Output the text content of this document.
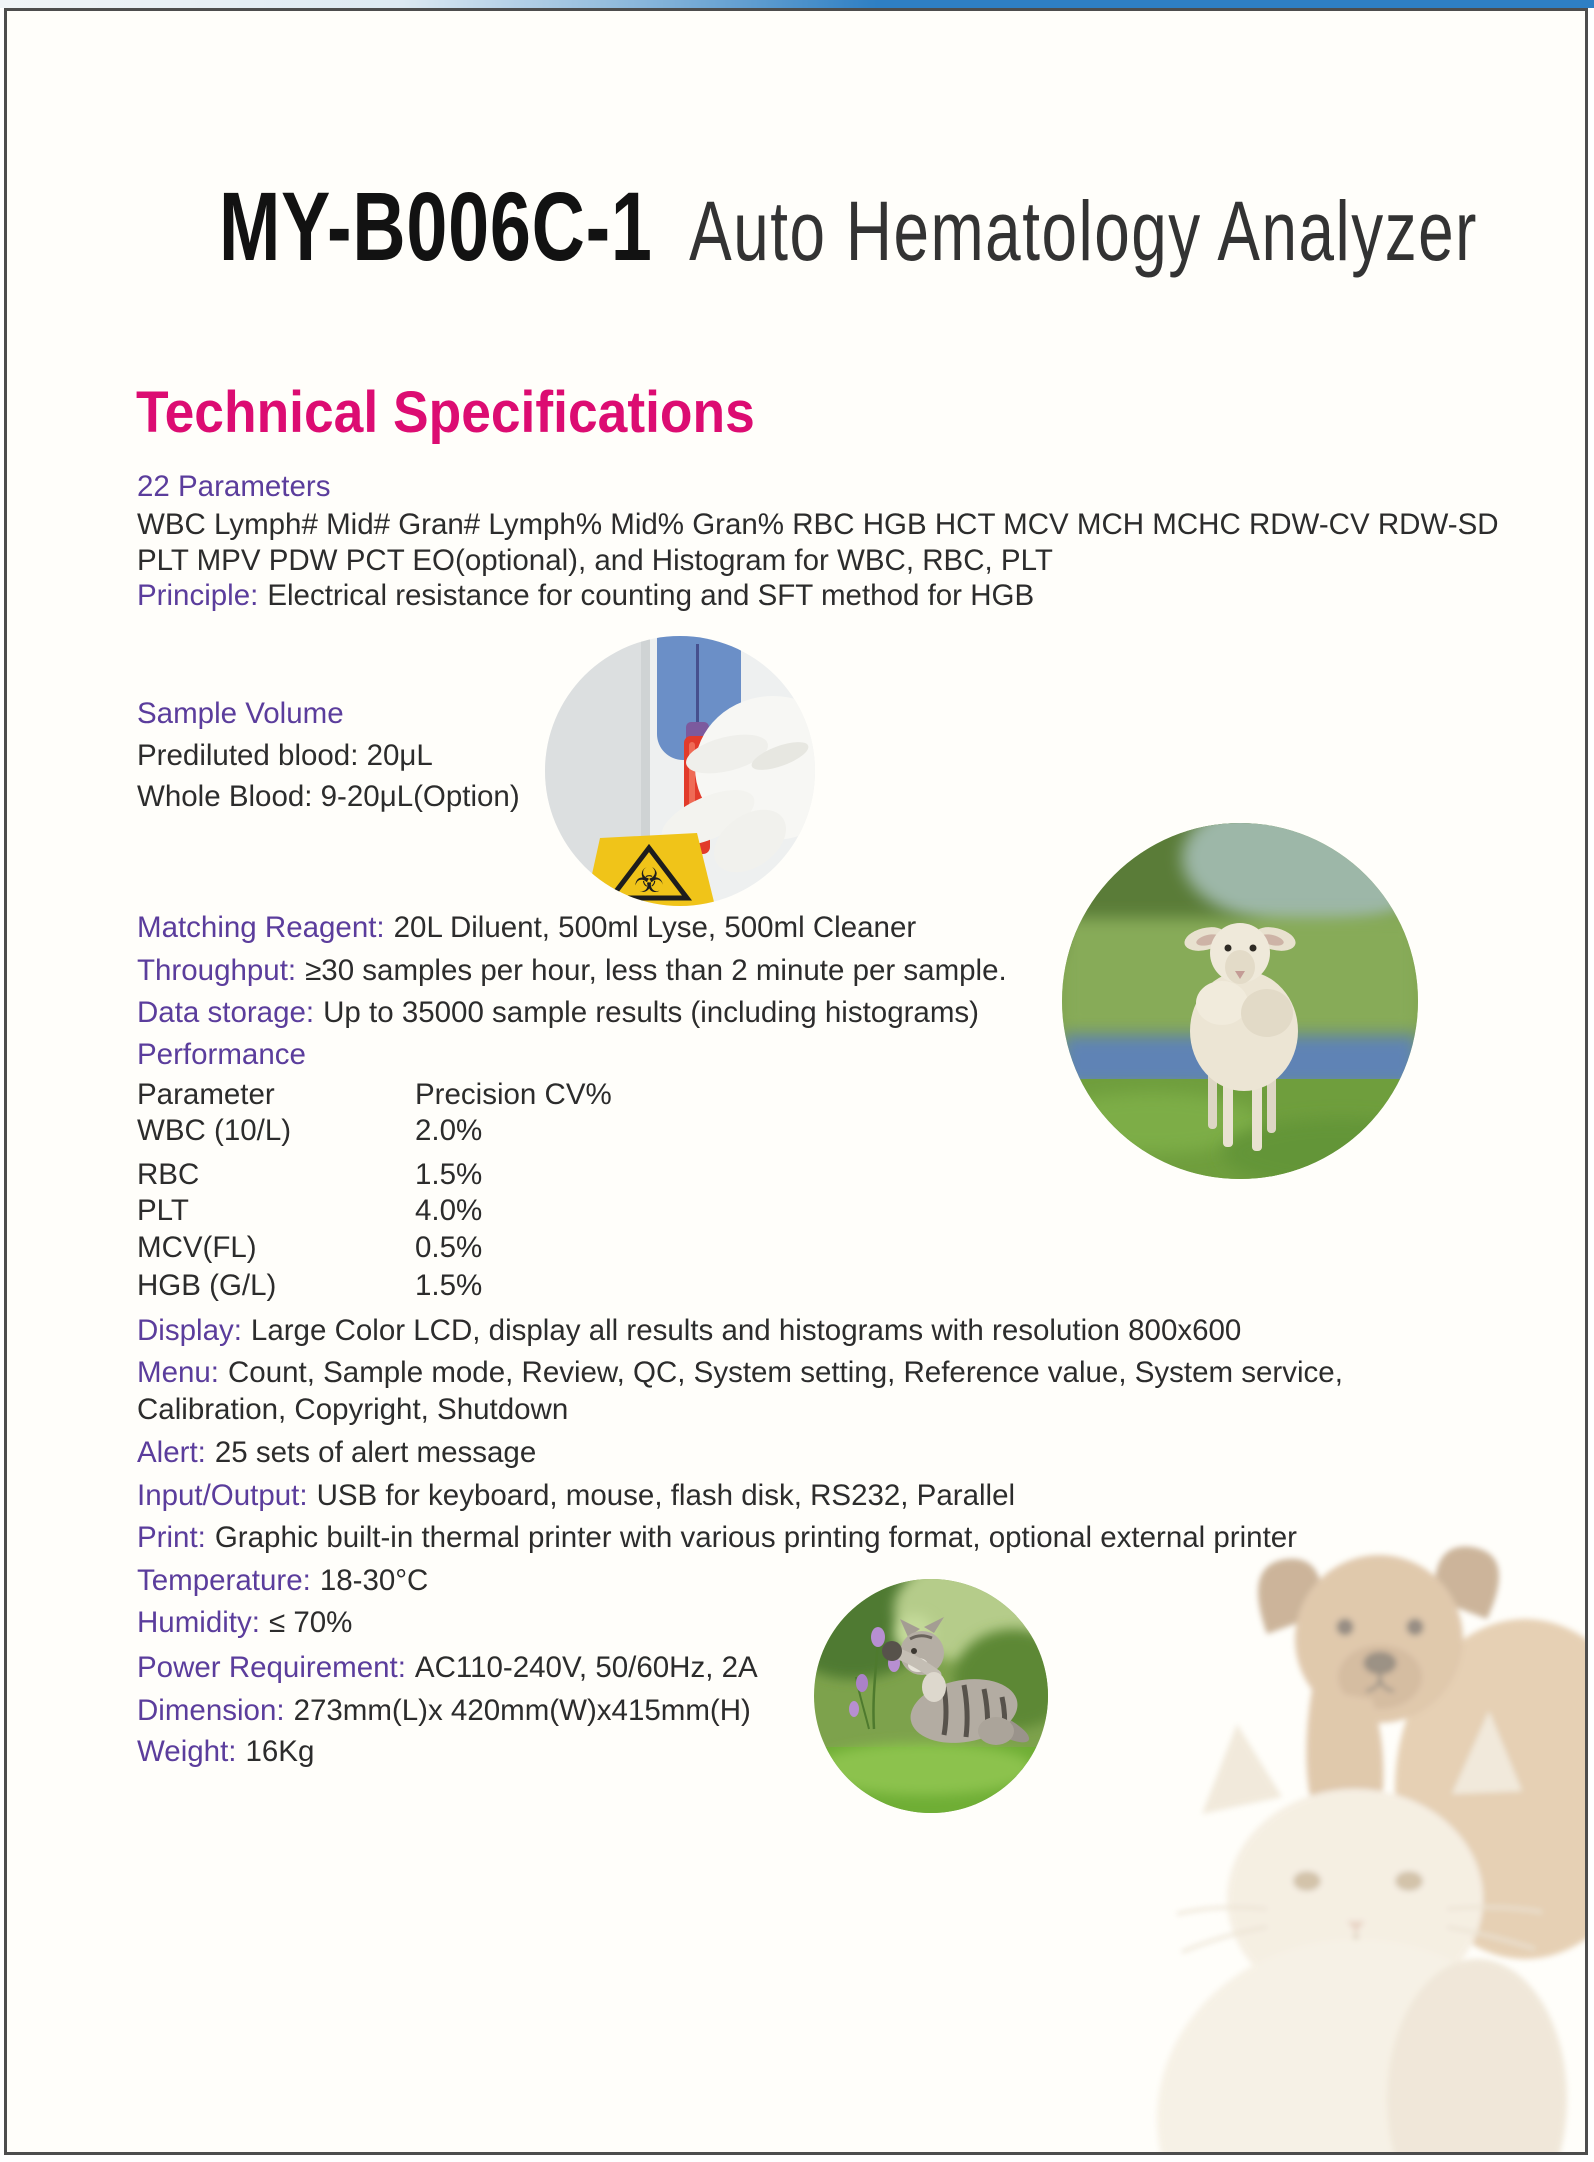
MY-B006C-1 Auto Hematology Analyzer
Technical Specifications
22 Parameters
WBC Lymph# Mid# Gran# Lymph% Mid% Gran% RBC HGB HCT MCV MCH MCHC RDW-CV RDW-SD
PLT MPV PDW PCT EO(optional), and Histogram for WBC, RBC, PLT
Principle: Electrical resistance for counting and SFT method for HGB
Sample Volume
Prediluted blood: 20μL
Whole Blood: 9-20μL(Option)
Matching Reagent: 20L Diluent, 500ml Lyse, 500ml Cleaner
Throughput: ≥30 samples per hour, less than 2 minute per sample.
Data storage: Up to 35000 sample results (including histograms)
Performance
Parameter	Precision CV%
WBC (10/L)	2.0%
RBC	1.5%
PLT	4.0%
MCV(FL)	0.5%
HGB (G/L)	1.5%
Display: Large Color LCD, display all results and histograms with resolution 800x600
Menu: Count, Sample mode, Review, QC, System setting, Reference value, System service,
Calibration, Copyright, Shutdown
Alert: 25 sets of alert message
Input/Output: USB for keyboard, mouse, flash disk, RS232, Parallel
Print: Graphic built-in thermal printer with various printing format, optional external printer
Temperature: 18-30°C
Humidity: ≤ 70%
Power Requirement: AC110-240V, 50/60Hz, 2A
Dimension: 273mm(L)x 420mm(W)x415mm(H)
Weight: 16Kg
☣
